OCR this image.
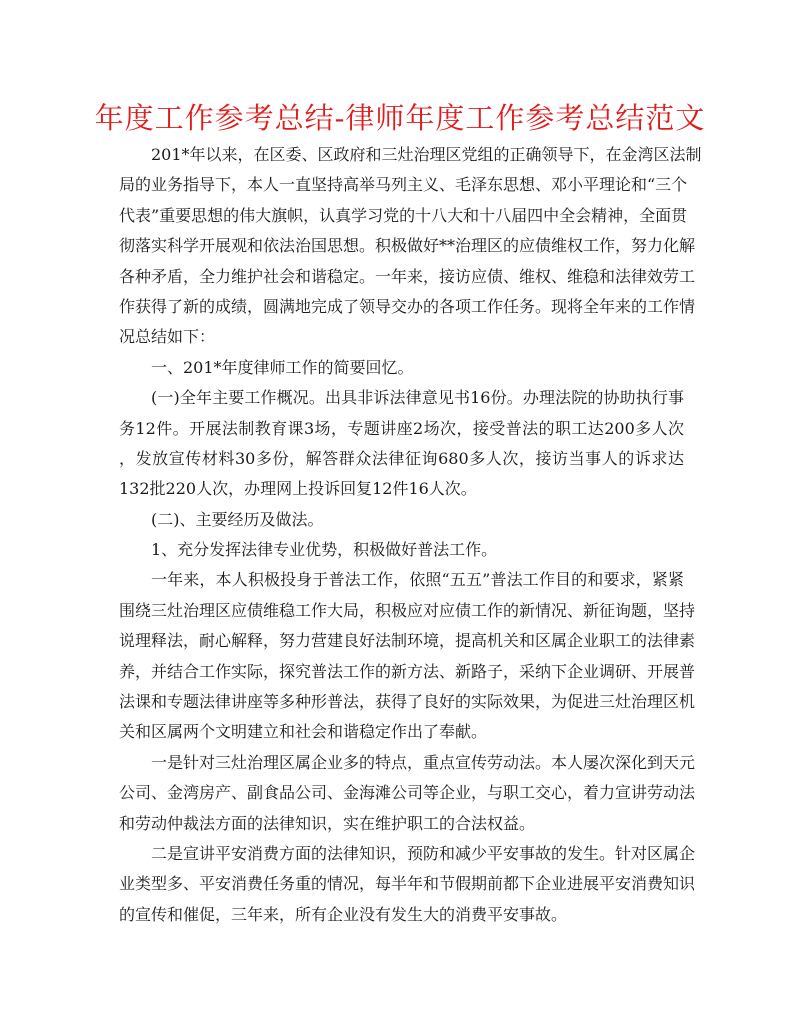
年度工作参考总结-律师年度工作参考总结范文
201*年以来，在区委、区政府和三灶治理区党组的正确领导下，在金湾区法制
局的业务指导下，本人一直坚持高举马列主义、毛泽东思想、邓小平理论和“三个
代表”重要思想的伟大旗帜，认真学习党的十八大和十八届四中全会精神，全面贯
彻落实科学开展观和依法治国思想。积极做好**治理区的应债维权工作，努力化解
各种矛盾，全力维护社会和谐稳定。一年来，接访应债、维权、维稳和法律效劳工
作获得了新的成绩，圆满地完成了领导交办的各项工作任务。现将全年来的工作情
况总结如下：
一、201*年度律师工作的简要回忆。
(一)全年主要工作概况。出具非诉法律意见书16份。办理法院的协助执行事
务12件。开展法制教育课3场，专题讲座2场次，接受普法的职工达200多人次
，发放宣传材料30多份，解答群众法律征询680多人次，接访当事人的诉求达
132批220人次，办理网上投诉回复12件16人次。
(二)、主要经历及做法。
1、充分发挥法律专业优势，积极做好普法工作。
一年来，本人积极投身于普法工作，依照“五五”普法工作目的和要求，紧紧
围绕三灶治理区应债维稳工作大局，积极应对应债工作的新情况、新征询题，坚持
说理释法，耐心解释，努力营建良好法制环境，提高机关和区属企业职工的法律素
养，并结合工作实际，探究普法工作的新方法、新路子，采纳下企业调研、开展普
法课和专题法律讲座等多种形普法，获得了良好的实际效果，为促进三灶治理区机
关和区属两个文明建立和社会和谐稳定作出了奉献。
一是针对三灶治理区属企业多的特点，重点宣传劳动法。本人屡次深化到天元
公司、金湾房产、副食品公司、金海滩公司等企业，与职工交心，着力宣讲劳动法
和劳动仲裁法方面的法律知识，实在维护职工的合法权益。
二是宣讲平安消费方面的法律知识，预防和减少平安事故的发生。针对区属企
业类型多、平安消费任务重的情况，每半年和节假期前都下企业进展平安消费知识
的宣传和催促，三年来，所有企业没有发生大的消费平安事故。
